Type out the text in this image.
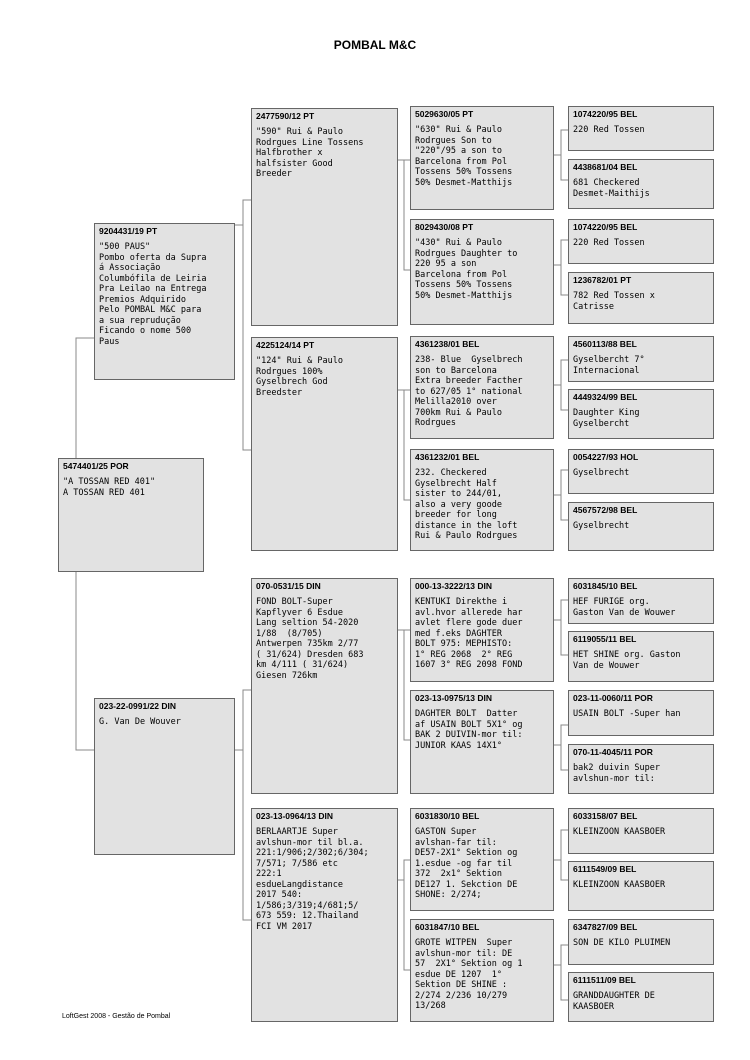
POMBAL M&C
5474401/25 POR
"A TOSSAN RED 401"
A TOSSAN RED 401
9204431/19 PT
"500 PAUS"
Pombo oferta da Supra
á Associação
Columbófila de Leiria
Pra Leilao na Entrega
Premios Adquirido
Pelo POMBAL M&C para
a sua reprudução
Ficando o nome 500
Paus
023-22-0991/22 DIN
G. Van De Wouver
2477590/12 PT
"590" Rui & Paulo
Rodrgues Line Tossens
Halfbrother x
halfsister Good
Breeder
4225124/14 PT
"124" Rui & Paulo
Rodrgues 100%
Gyselbrech God
Breedster
070-0531/15 DIN
FOND BOLT-Super
Kapflyver 6 Esdue
Lang seltion 54-2020
1/88  (8/705)
Antwerpen 735km 2/77
( 31/624) Dresden 683
km 4/111 ( 31/624)
Giesen 726km
023-13-0964/13 DIN
BERLAARTJE Super
avlshun-mor til bl.a.
221:1/906;2/302;6/304;
7/571; 7/586 etc
222:1
esdueLangdistance
2017 540:
1/586;3/319;4/681;5/
673 559: 12.Thailand
FCI VM 2017
5029630/05 PT
"630" Rui & Paulo
Rodrgues Son to
"220"/95 a son to
Barcelona from Pol
Tossens 50% Tossens
50% Desmet-Matthijs
8029430/08 PT
"430" Rui & Paulo
Rodrgues Daughter to
220 95 a son
Barcelona from Pol
Tossens 50% Tossens
50% Desmet-Matthijs
4361238/01 BEL
238- Blue  Gyselbrech
son to Barcelona
Extra breeder Facther
to 627/05 1° national
Melilla2010 over
700km Rui & Paulo
Rodrgues
4361232/01 BEL
232. Checkered
Gyselbrecht Half
sister to 244/01,
also a very goode
breeder for long
distance in the loft
Rui & Paulo Rodrgues
000-13-3222/13 DIN
KENTUKI Direkthe i
avl.hvor allerede har
avlet flere gode duer
med f.eks DAGHTER
BOLT 975: MEPHISTO:
1° REG 2068  2° REG
1607 3° REG 2098 FOND
023-13-0975/13 DIN
DAGHTER BOLT  Datter
af USAIN BOLT 5X1° og
BAK 2 DUIVIN-mor til:
JUNIOR KAAS 14X1°
6031830/10 BEL
GASTON Super
avlshan-far til:
DE57-2X1° Sektion og
1.esdue -og far til
372  2x1° Sektion
DE127 1. Sekction DE
SHONE: 2/274;
6031847/10 BEL
GROTE WITPEN  Super
avlshun-mor til: DE
57  2X1° Sektion og 1
esdue DE 1207  1°
Sektion DE SHINE :
2/274 2/236 10/279
13/268
1074220/95 BEL
220 Red Tossen
4438681/04 BEL
681 Checkered
Desmet-Maithijs
1074220/95 BEL
220 Red Tossen
1236782/01 PT
782 Red Tossen x
Catrisse
4560113/88 BEL
Gyselbercht 7°
Internacional
4449324/99 BEL
Daughter King
Gyselbercht
0054227/93 HOL
Gyselbrecht
4567572/98 BEL
Gyselbrecht
6031845/10 BEL
HEF FURIGE org.
Gaston Van de Wouwer
6119055/11 BEL
HET SHINE org. Gaston
Van de Wouwer
023-11-0060/11 POR
USAIN BOLT -Super han
070-11-4045/11 POR
bak2 duivin Super
avlshun-mor til:
6033158/07 BEL
KLEINZOON KAASBOER
6111549/09 BEL
KLEINZOON KAASBOER
6347827/09 BEL
SON DE KILO PLUIMEN
6111511/09 BEL
GRANDDAUGHTER DE
KAASBOER
LoftGest 2008 - Gestão de Pombal
